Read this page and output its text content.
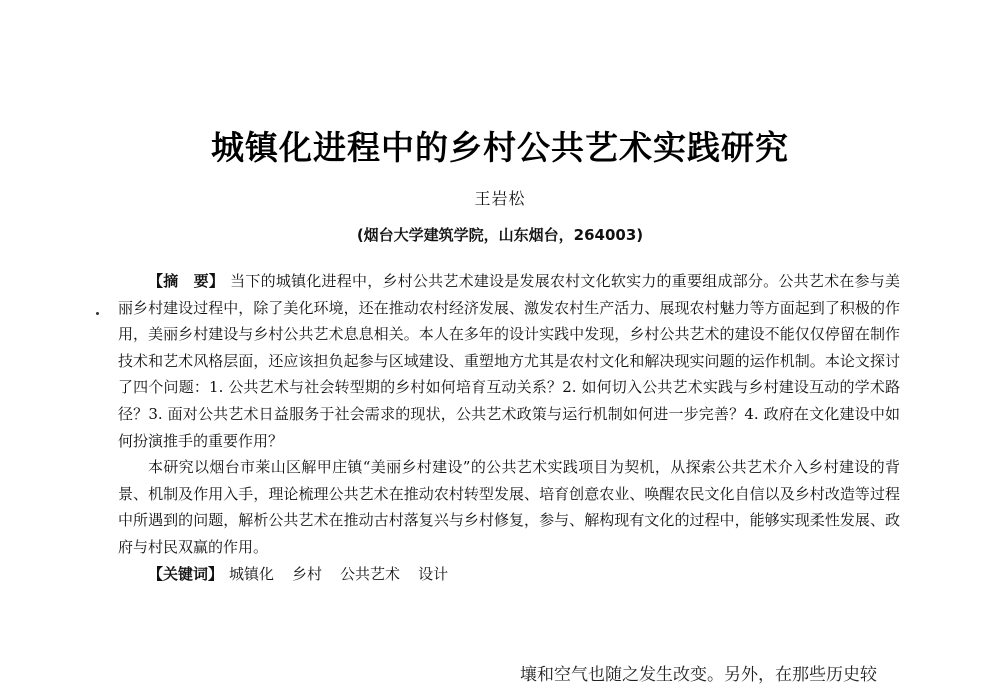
城镇化进程中的乡村公共艺术实践研究
王岩松
(烟台大学建筑学院，山东烟台，264003)

【摘　要】 当下的城镇化进程中，乡村公共艺术建设是发展农村文化软实力的重要组成部分。公共艺术在参与美丽乡村建设过程中，除了美化环境，还在推动农村经济发展、激发农村生产活力、展现农村魅力等方面起到了积极的作用，美丽乡村建设与乡村公共艺术息息相关。本人在多年的设计实践中发现，乡村公共艺术的建设不能仅仅停留在制作技术和艺术风格层面，还应该担负起参与区域建设、重塑地方尤其是农村文化和解决现实问题的运作机制。本论文探讨了四个问题：1. 公共艺术与社会转型期的乡村如何培育互动关系？2. 如何切入公共艺术实践与乡村建设互动的学术路径？3. 面对公共艺术日益服务于社会需求的现状，公共艺术政策与运行机制如何进一步完善？4. 政府在文化建设中如何扮演推手的重要作用？

本研究以烟台市莱山区解甲庄镇“美丽乡村建设”的公共艺术实践项目为契机，从探索公共艺术介入乡村建设的背景、机制及作用入手，理论梳理公共艺术在推动农村转型发展、培育创意农业、唤醒农民文化自信以及乡村改造等过程中所遇到的问题，解析公共艺术在推动古村落复兴与乡村修复，参与、解构现有文化的过程中，能够实现柔性发展、政府与村民双赢的作用。

【关键词】 城镇化 乡村 公共艺术 设计

壤和空气也随之发生改变。另外，在那些历史较
